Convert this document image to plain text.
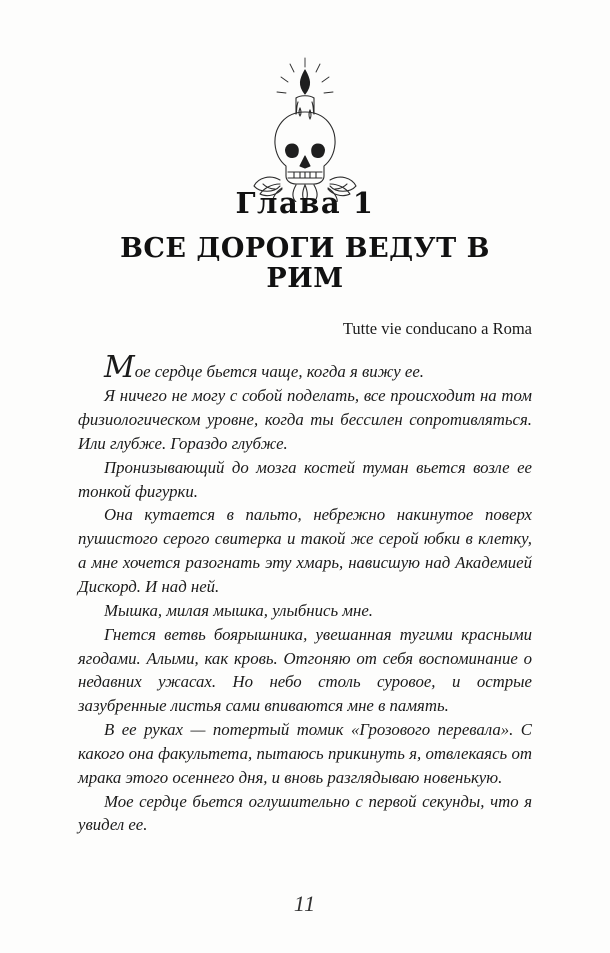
Глава 1
ВСЕ ДОРОГИ ВЕДУТ В РИМ
Tutte vie conducano a Roma

Мое сердце бьется чаще, когда я вижу ее.

Я ничего не могу с собой поделать, все происходит на том физиологическом уровне, когда ты бессилен сопротивляться. Или глубже. Гораздо глубже.

Пронизывающий до мозга костей туман вьется возле ее тонкой фигурки.

Она кутается в пальто, небрежно накинутое поверх пушистого серого свитерка и такой же серой юбки в клетку, а мне хочется разогнать эту хмарь, нависшую над Академией Дискорд. И над ней.

Мышка, милая мышка, улыбнись мне.

Гнется ветвь боярышника, увешанная тугими красными ягодами. Алыми, как кровь. Отгоняю от себя воспоминание о недавних ужасах. Но небо столь суровое, и острые зазубренные листья сами впиваются мне в память.

В ее руках — потертый томик «Грозового перевала». С какого она факультета, пытаюсь прикинуть я, отвлекаясь от мрака этого осеннего дня, и вновь разглядываю новенькую.

Мое сердце бьется оглушительно с первой секунды, что я увидел ее.

11
